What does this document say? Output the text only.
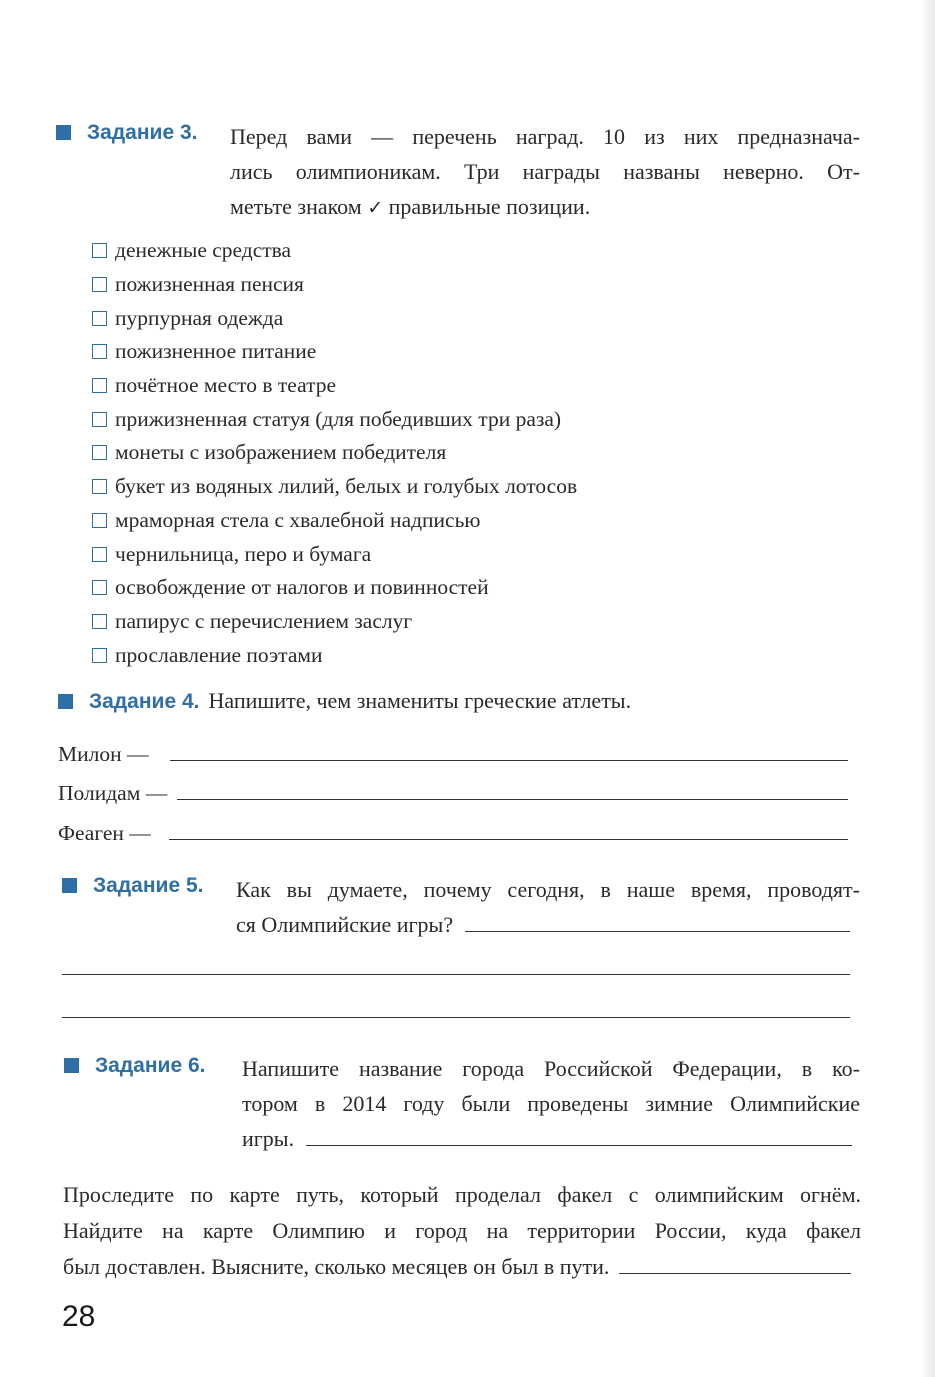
Задание 3. Перед вами — перечень наград. 10 из них предназнача-
лись олимпионикам. Три награды названы неверно. От-
метьте знаком ✓ правильные позиции.
денежные средства
пожизненная пенсия
пурпурная одежда
пожизненное питание
почётное место в театре
прижизненная статуя (для победивших три раза)
монеты с изображением победителя
букет из водяных лилий, белых и голубых лотосов
мраморная стела с хвалебной надписью
чернильница, перо и бумага
освобождение от налогов и повинностей
папирус с перечислением заслуг
прославление поэтами
Задание 4. Напишите, чем знамениты греческие атлеты.
Милон —
Полидам —
Феаген —
Задание 5. Как вы думаете, почему сегодня, в наше время, проводят-
ся Олимпийские игры?
Задание 6. Напишите название города Российской Федерации, в ко-
тором в 2014 году были проведены зимние Олимпийские
игры.
Проследите по карте путь, который проделал факел с олимпийским огнём.
Найдите на карте Олимпию и город на территории России, куда факел
был доставлен. Выясните, сколько месяцев он был в пути.
28
